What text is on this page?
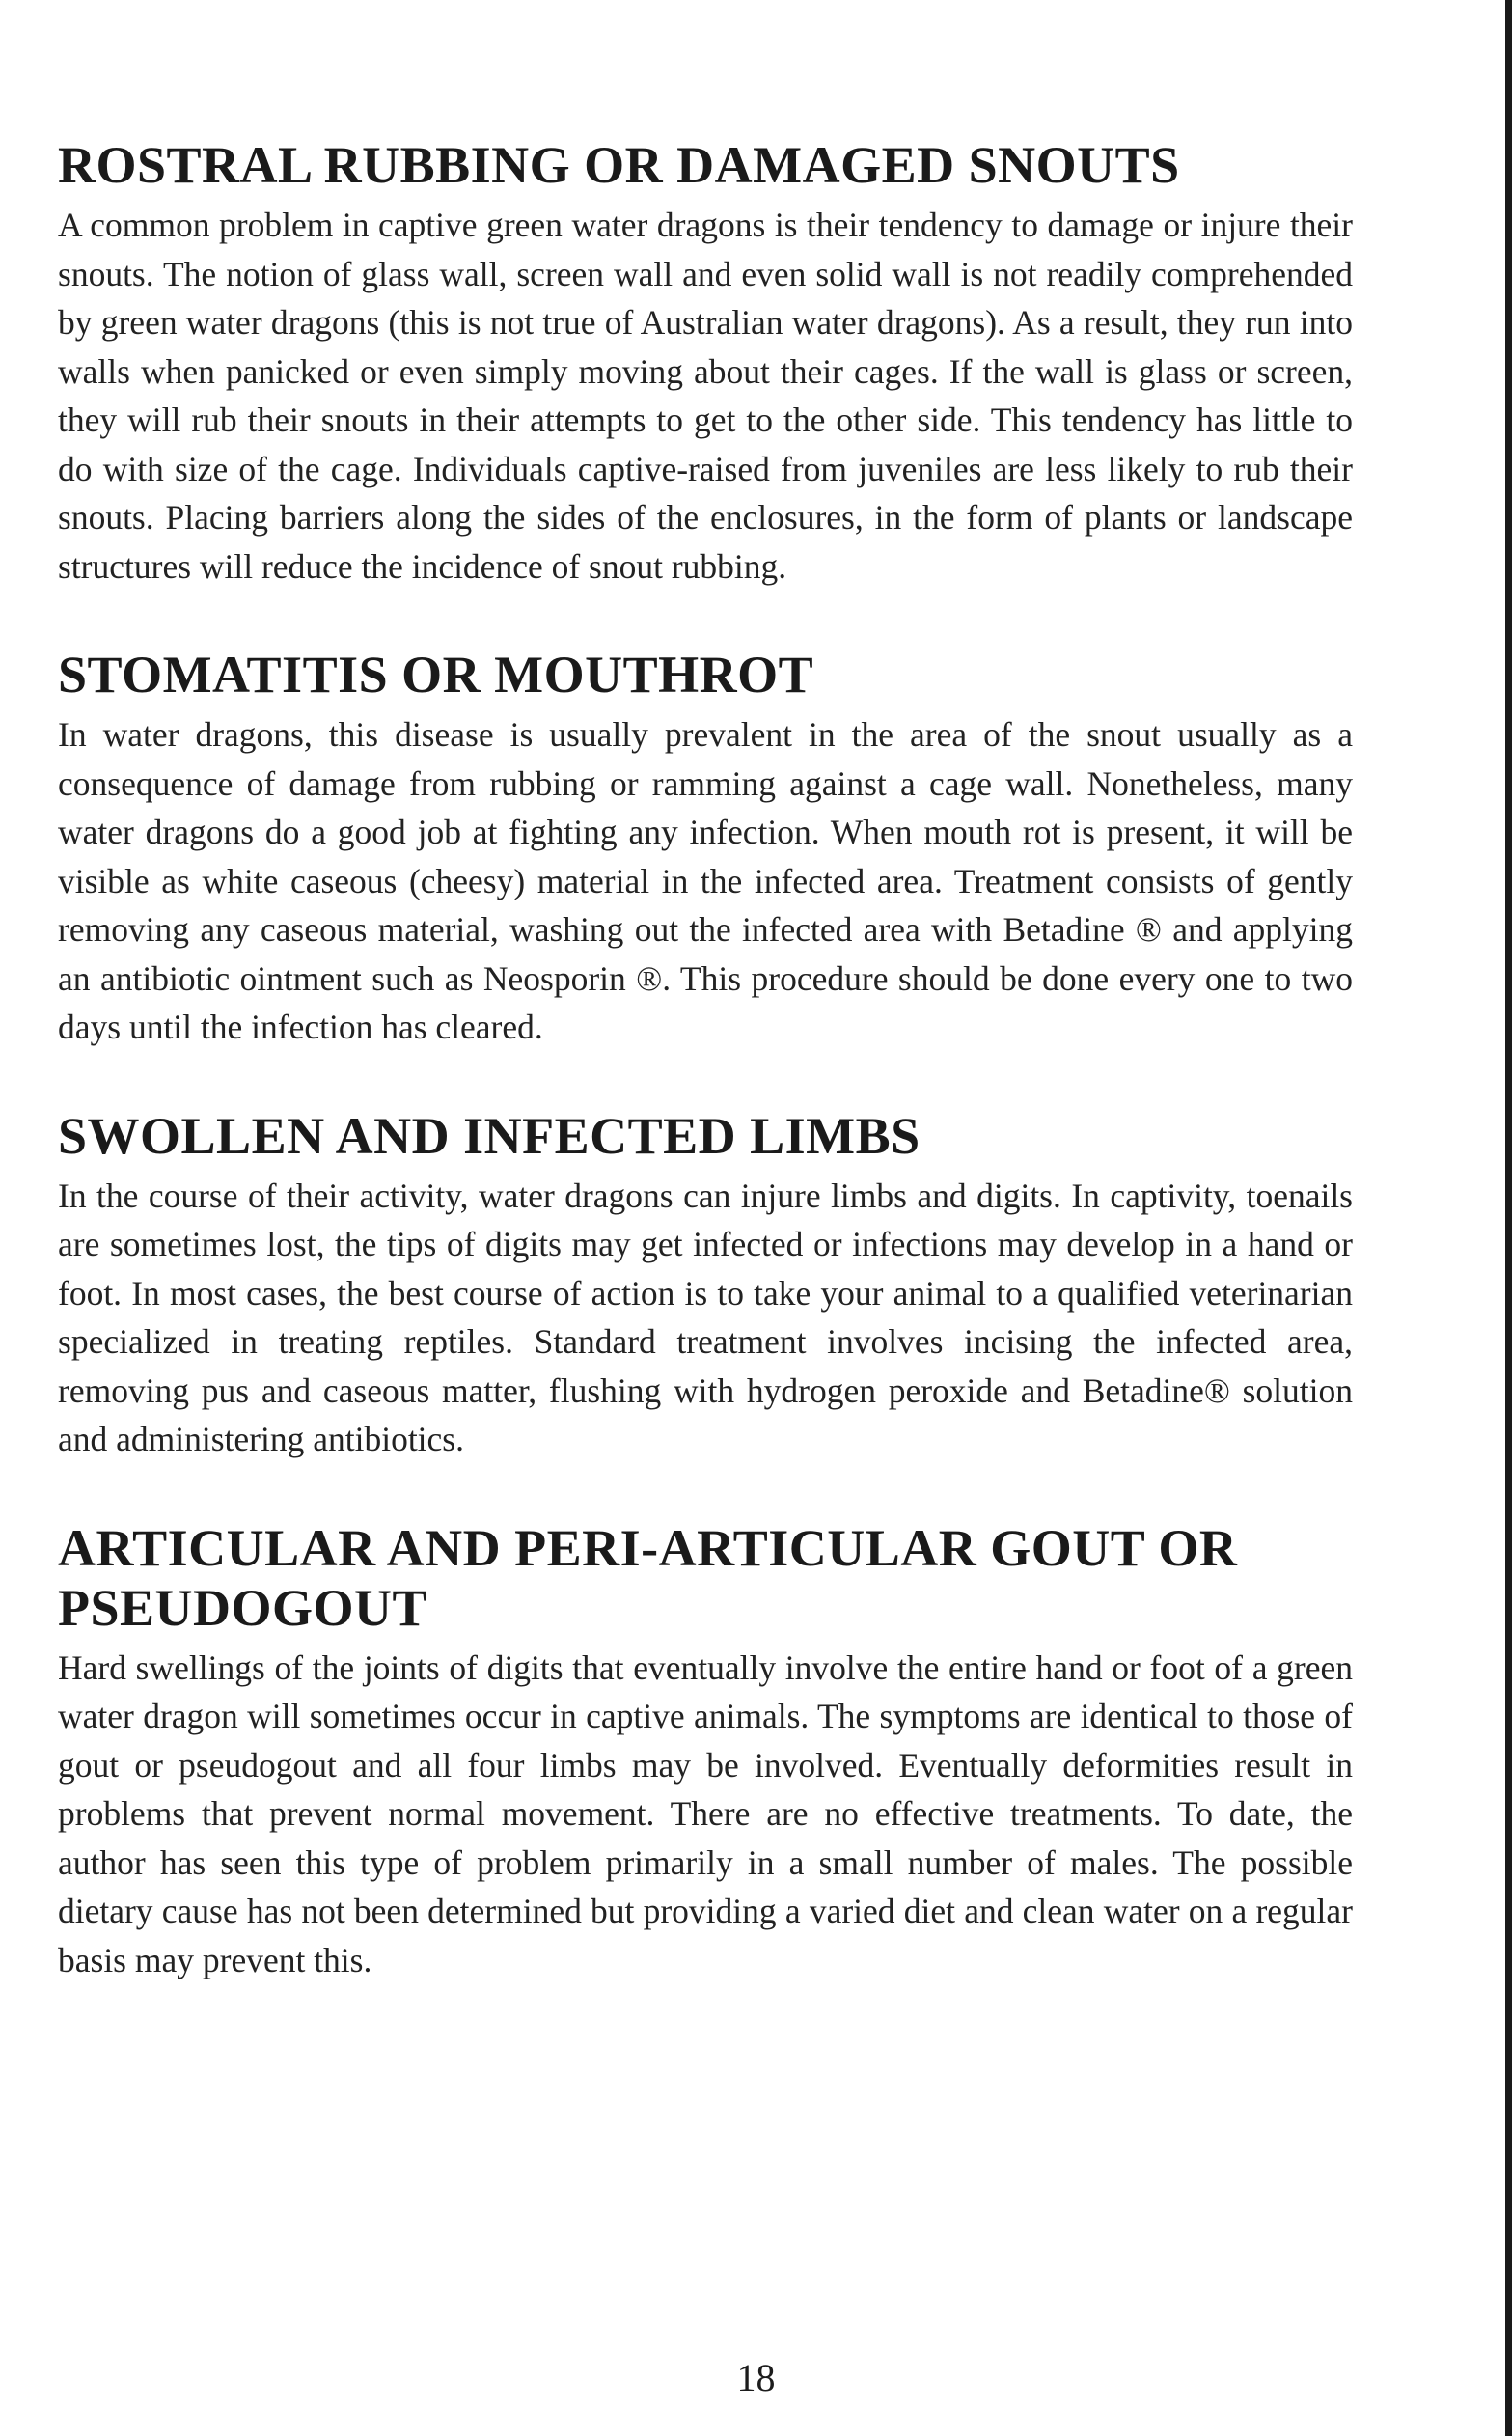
ROSTRAL RUBBING OR DAMAGED SNOUTS

A common problem in captive green water dragons is their tendency to damage or injure their snouts. The notion of glass wall, screen wall and even solid wall is not readily comprehended by green water dragons (this is not true of Australian water dragons). As a result, they run into walls when panicked or even simply moving about their cages. If the wall is glass or screen, they will rub their snouts in their attempts to get to the other side. This tendency has little to do with size of the cage. Individuals captive-raised from juveniles are less likely to rub their snouts. Placing barriers along the sides of the enclosures, in the form of plants or landscape structures will reduce the incidence of snout rubbing.

STOMATITIS OR MOUTHROT

In water dragons, this disease is usually prevalent in the area of the snout usually as a consequence of damage from rubbing or ramming against a cage wall. Nonetheless, many water dragons do a good job at fighting any infection. When mouth rot is present, it will be visible as white caseous (cheesy) material in the infected area. Treatment consists of gently removing any caseous material, washing out the infected area with Betadine ® and applying an antibiotic ointment such as Neosporin ®. This procedure should be done every one to two days until the infection has cleared.

SWOLLEN AND INFECTED LIMBS

In the course of their activity, water dragons can injure limbs and digits. In captivity, toenails are sometimes lost, the tips of digits may get infected or infections may develop in a hand or foot. In most cases, the best course of action is to take your animal to a qualified veterinarian specialized in treating reptiles. Standard treatment involves incising the infected area, removing pus and caseous matter, flushing with hydrogen peroxide and Betadine® solution and administering antibiotics.

ARTICULAR AND PERI-ARTICULAR GOUT OR PSEUDOGOUT

Hard swellings of the joints of digits that eventually involve the entire hand or foot of a green water dragon will sometimes occur in captive animals. The symptoms are identical to those of gout or pseudogout and all four limbs may be involved. Eventually deformities result in problems that prevent normal movement. There are no effective treatments. To date, the author has seen this type of problem primarily in a small number of males. The possible dietary cause has not been determined but providing a varied diet and clean water on a regular basis may prevent this.

18
